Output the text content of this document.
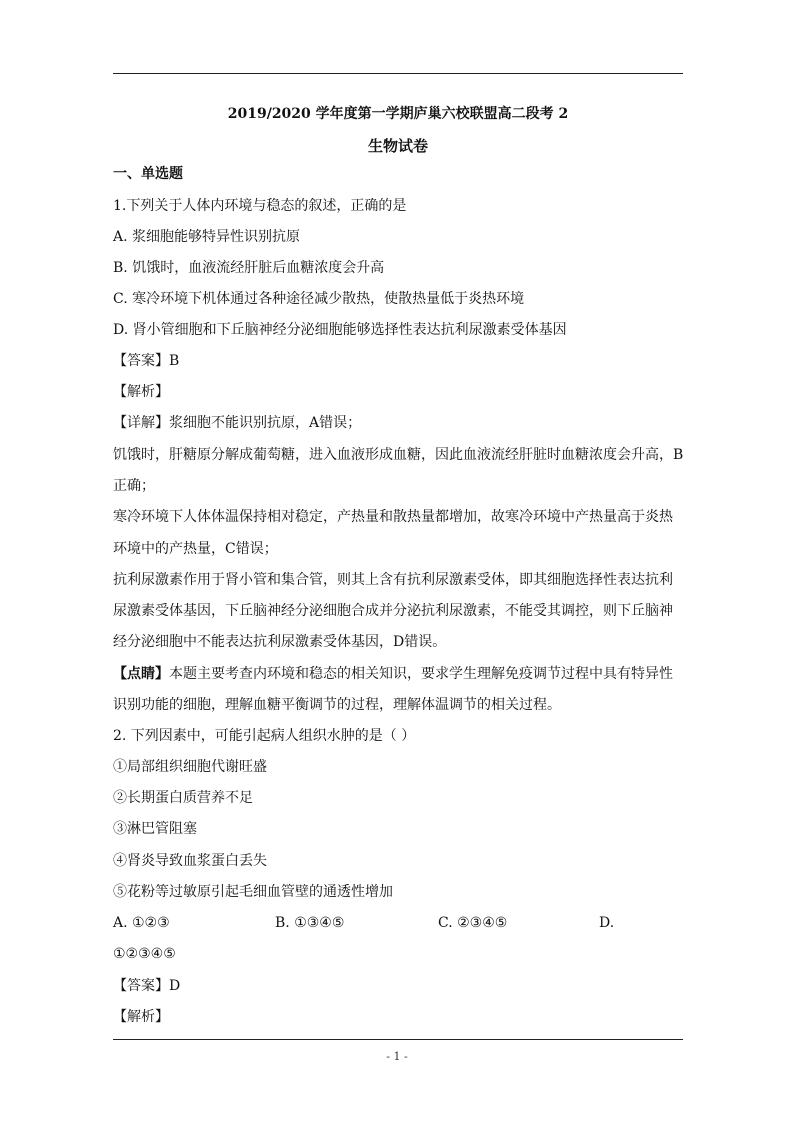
2019/2020 学年度第一学期庐巢六校联盟高二段考 2
生物试卷
一、单选题
1.下列关于人体内环境与稳态的叙述，正确的是
A. 浆细胞能够特异性识别抗原
B. 饥饿时，血液流经肝脏后血糖浓度会升高
C. 寒冷环境下机体通过各种途径减少散热，使散热量低于炎热环境
D. 肾小管细胞和下丘脑神经分泌细胞能够选择性表达抗利尿激素受体基因
【答案】B
【解析】
【详解】浆细胞不能识别抗原，A错误；
饥饿时，肝糖原分解成葡萄糖，进入血液形成血糖，因此血液流经肝脏时血糖浓度会升高，B
正确；
寒冷环境下人体体温保持相对稳定，产热量和散热量都增加，故寒冷环境中产热量高于炎热
环境中的产热量，C错误；
抗利尿激素作用于肾小管和集合管，则其上含有抗利尿激素受体，即其细胞选择性表达抗利
尿激素受体基因，下丘脑神经分泌细胞合成并分泌抗利尿激素，不能受其调控，则下丘脑神
经分泌细胞中不能表达抗利尿激素受体基因，D错误。
【点睛】本题主要考查内环境和稳态的相关知识，要求学生理解免疫调节过程中具有特异性
识别功能的细胞，理解血糖平衡调节的过程，理解体温调节的相关过程。
2. 下列因素中，可能引起病人组织水肿的是（ ）
①局部组织细胞代谢旺盛
②长期蛋白质营养不足
③淋巴管阻塞
④肾炎导致血浆蛋白丢失
⑤花粉等过敏原引起毛细血管壁的通透性增加
A. ①②③	B. ①③④⑤	C. ②③④⑤	D.
①②③④⑤
【答案】D
【解析】
- 1 -
